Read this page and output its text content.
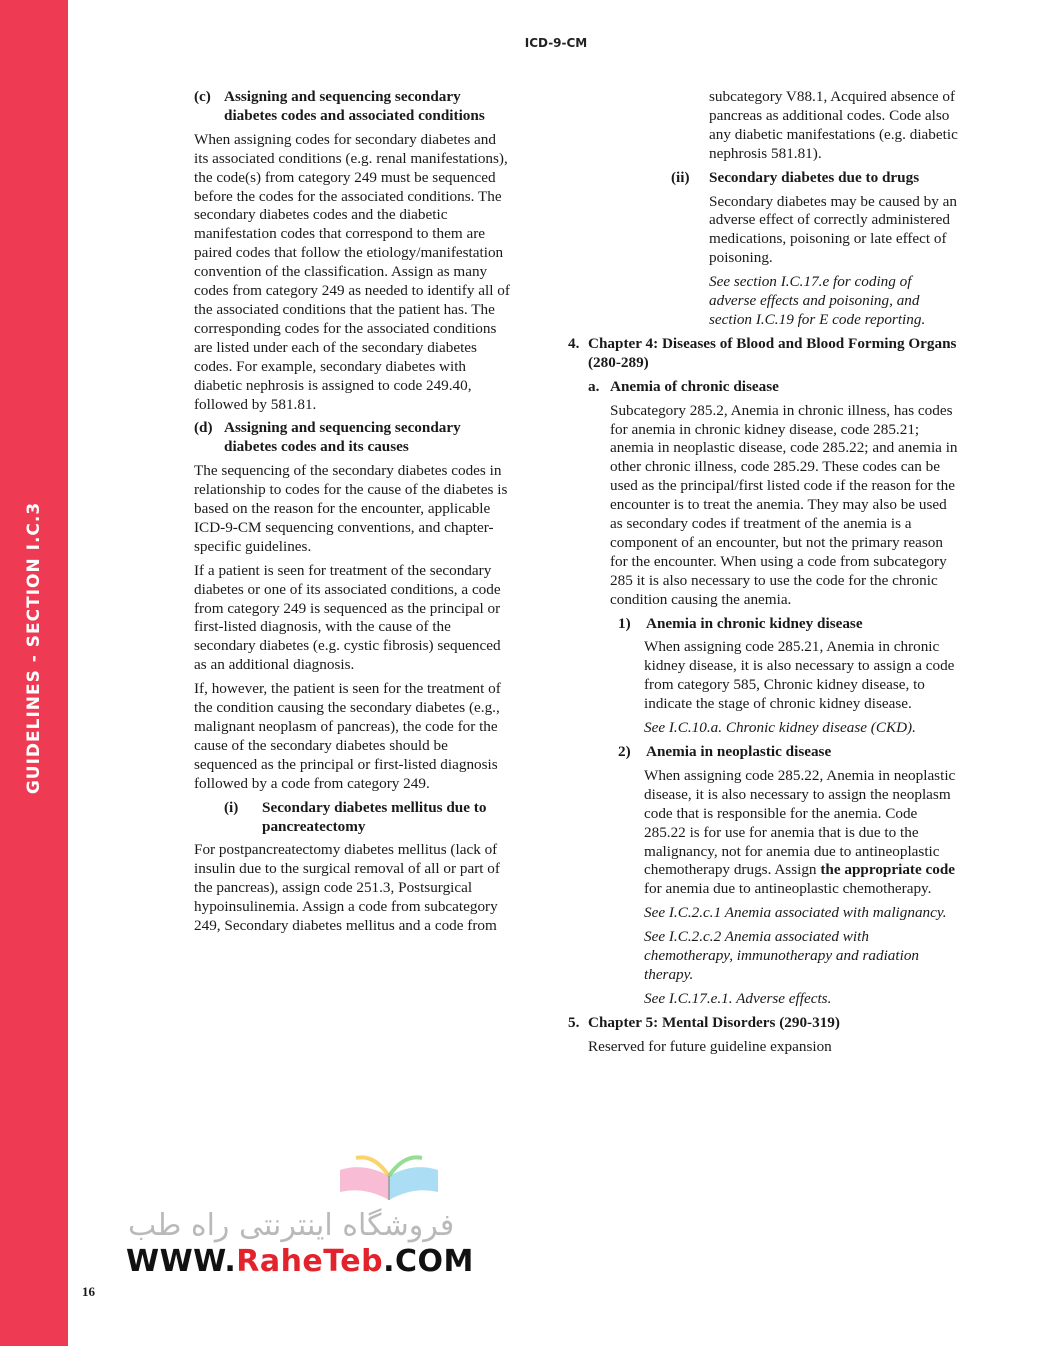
GUIDELINES - SECTION I.C.3
ICD-9-CM
(c) Assigning and sequencing secondary diabetes codes and associated conditions

When assigning codes for secondary diabetes and its associated conditions (e.g. renal manifestations), the code(s) from category 249 must be sequenced before the codes for the associated conditions. The secondary diabetes codes and the diabetic manifestation codes that correspond to them are paired codes that follow the etiology/manifestation convention of the classification. Assign as many codes from category 249 as needed to identify all of the associated conditions that the patient has. The corresponding codes for the associated conditions are listed under each of the secondary diabetes codes. For example, secondary diabetes with diabetic nephrosis is assigned to code 249.40, followed by 581.81.

(d) Assigning and sequencing secondary diabetes codes and its causes

The sequencing of the secondary diabetes codes in relationship to codes for the cause of the diabetes is based on the reason for the encounter, applicable ICD-9-CM sequencing conventions, and chapter-specific guidelines.

If a patient is seen for treatment of the secondary diabetes or one of its associated conditions, a code from category 249 is sequenced as the principal or first-listed diagnosis, with the cause of the secondary diabetes (e.g. cystic fibrosis) sequenced as an additional diagnosis.

If, however, the patient is seen for the treatment of the condition causing the secondary diabetes (e.g., malignant neoplasm of pancreas), the code for the cause of the secondary diabetes should be sequenced as the principal or first-listed diagnosis followed by a code from category 249.

(i)	Secondary diabetes mellitus due to pancreatectomy

For postpancreatectomy diabetes mellitus (lack of insulin due to the surgical removal of all or part of the pancreas), assign code 251.3, Postsurgical hypoinsulinemia. Assign a code from subcategory 249, Secondary diabetes mellitus and a code from

subcategory V88.1, Acquired absence of pancreas as additional codes. Code also any diabetic manifestations (e.g. diabetic nephrosis 581.81).

(ii)	Secondary diabetes due to drugs

Secondary diabetes may be caused by an adverse effect of correctly administered medications, poisoning or late effect of poisoning.

See section I.C.17.e for coding of adverse effects and poisoning, and section I.C.19 for E code reporting.

4. Chapter 4: Diseases of Blood and Blood Forming Organs (280-289)
a. Anemia of chronic disease

Subcategory 285.2, Anemia in chronic illness, has codes for anemia in chronic kidney disease, code 285.21; anemia in neoplastic disease, code 285.22; and anemia in other chronic illness, code 285.29. These codes can be used as the principal/first listed code if the reason for the encounter is to treat the anemia. They may also be used as secondary codes if treatment of the anemia is a component of an encounter, but not the primary reason for the encounter. When using a code from subcategory 285 it is also necessary to use the code for the chronic condition causing the anemia.

1)	Anemia in chronic kidney disease

When assigning code 285.21, Anemia in chronic kidney disease, it is also necessary to assign a code from category 585, Chronic kidney disease, to indicate the stage of chronic kidney disease.

See I.C.10.a. Chronic kidney disease (CKD).

2)	Anemia in neoplastic disease

When assigning code 285.22, Anemia in neoplastic disease, it is also necessary to assign the neoplasm code that is responsible for the anemia. Code 285.22 is for use for anemia that is due to the malignancy, not for anemia due to antineoplastic chemotherapy drugs. Assign the appropriate code for anemia due to antineoplastic chemotherapy.

See I.C.2.c.1 Anemia associated with malignancy.

See I.C.2.c.2 Anemia associated with chemotherapy, immunotherapy and radiation therapy.

See I.C.17.e.1. Adverse effects.

5. Chapter 5: Mental Disorders (290-319)

Reserved for future guideline expansion

فروشگاه اینترنتی راه طب
WWW.RaheTeb.COM
16
